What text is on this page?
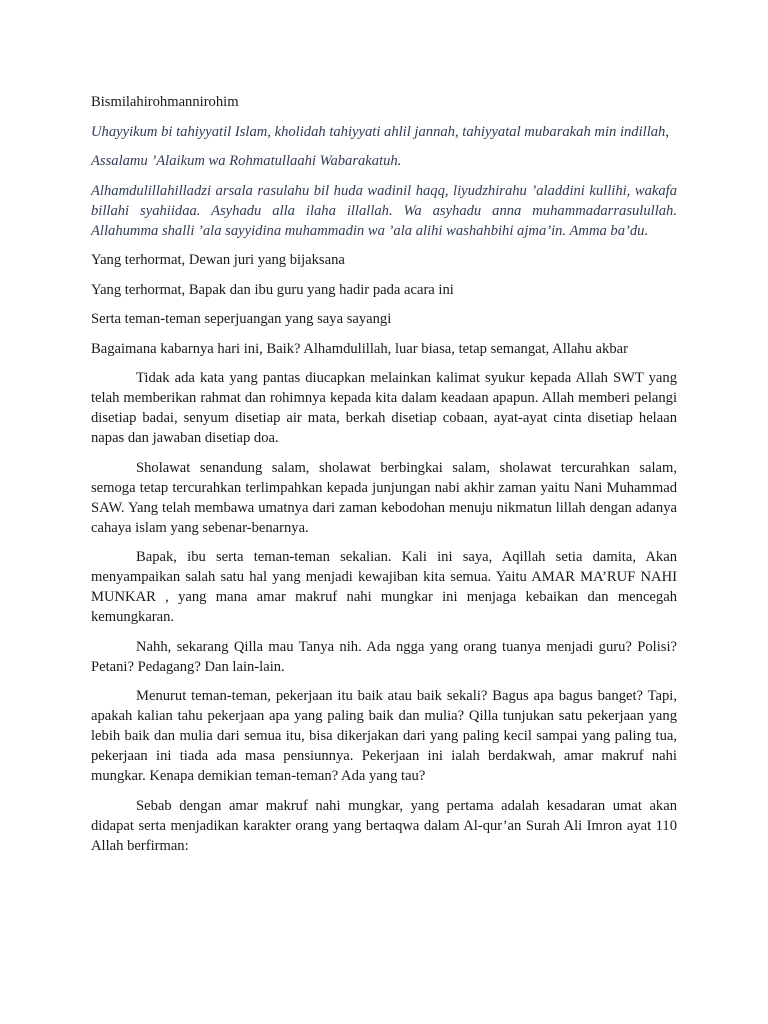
Bismilahirohmannirohim

Uhayyikum bi tahiyyatil Islam, kholidah tahiyyati ahlil jannah, tahiyyatal mubarakah min indillah,

Assalamu ’Alaikum wa Rohmatullaahi Wabarakatuh.

Alhamdulillahilladzi arsala rasulahu bil huda wadinil haqq, liyudzhirahu ’aladdini kullihi, wakafa billahi syahiidaa. Asyhadu alla ilaha illallah. Wa asyhadu anna muhammadarrasulullah. Allahumma shalli ’ala sayyidina muhammadin wa ’ala alihi washahbihi ajma’in. Amma ba’du.

Yang terhormat, Dewan juri yang bijaksana

Yang terhormat, Bapak dan ibu guru yang hadir pada acara ini

Serta teman-teman seperjuangan yang saya sayangi

Bagaimana kabarnya hari ini, Baik? Alhamdulillah, luar biasa, tetap semangat, Allahu akbar

Tidak ada kata yang pantas diucapkan melainkan kalimat syukur kepada Allah SWT yang telah memberikan rahmat dan rohimnya kepada kita dalam keadaan apapun. Allah memberi pelangi disetiap badai, senyum disetiap air mata, berkah disetiap cobaan, ayat-ayat cinta disetiap helaan napas dan jawaban disetiap doa.

Sholawat senandung salam, sholawat berbingkai salam, sholawat tercurahkan salam, semoga tetap tercurahkan terlimpahkan kepada junjungan nabi akhir zaman yaitu Nani Muhammad SAW. Yang telah membawa umatnya dari zaman kebodohan menuju nikmatun lillah dengan adanya cahaya islam yang sebenar-benarnya.

Bapak, ibu serta teman-teman sekalian. Kali ini saya, Aqillah setia damita, Akan menyampaikan salah satu hal yang menjadi kewajiban kita semua. Yaitu AMAR MA’RUF NAHI MUNKAR , yang mana amar makruf nahi mungkar ini menjaga kebaikan dan mencegah kemungkaran.

Nahh, sekarang Qilla mau Tanya nih. Ada ngga yang orang tuanya menjadi guru? Polisi? Petani? Pedagang? Dan lain-lain.

Menurut teman-teman, pekerjaan itu baik atau baik sekali? Bagus apa bagus banget? Tapi, apakah kalian tahu pekerjaan apa yang paling baik dan mulia? Qilla tunjukan satu pekerjaan yang lebih baik dan mulia dari semua itu, bisa dikerjakan dari yang paling kecil sampai yang paling tua, pekerjaan ini tiada ada masa pensiunnya. Pekerjaan ini ialah berdakwah, amar makruf nahi mungkar. Kenapa demikian teman-teman? Ada yang tau?

Sebab dengan amar makruf nahi mungkar, yang pertama adalah kesadaran umat akan didapat serta menjadikan karakter orang yang bertaqwa dalam Al-qur’an Surah Ali Imron ayat 110 Allah berfirman:
